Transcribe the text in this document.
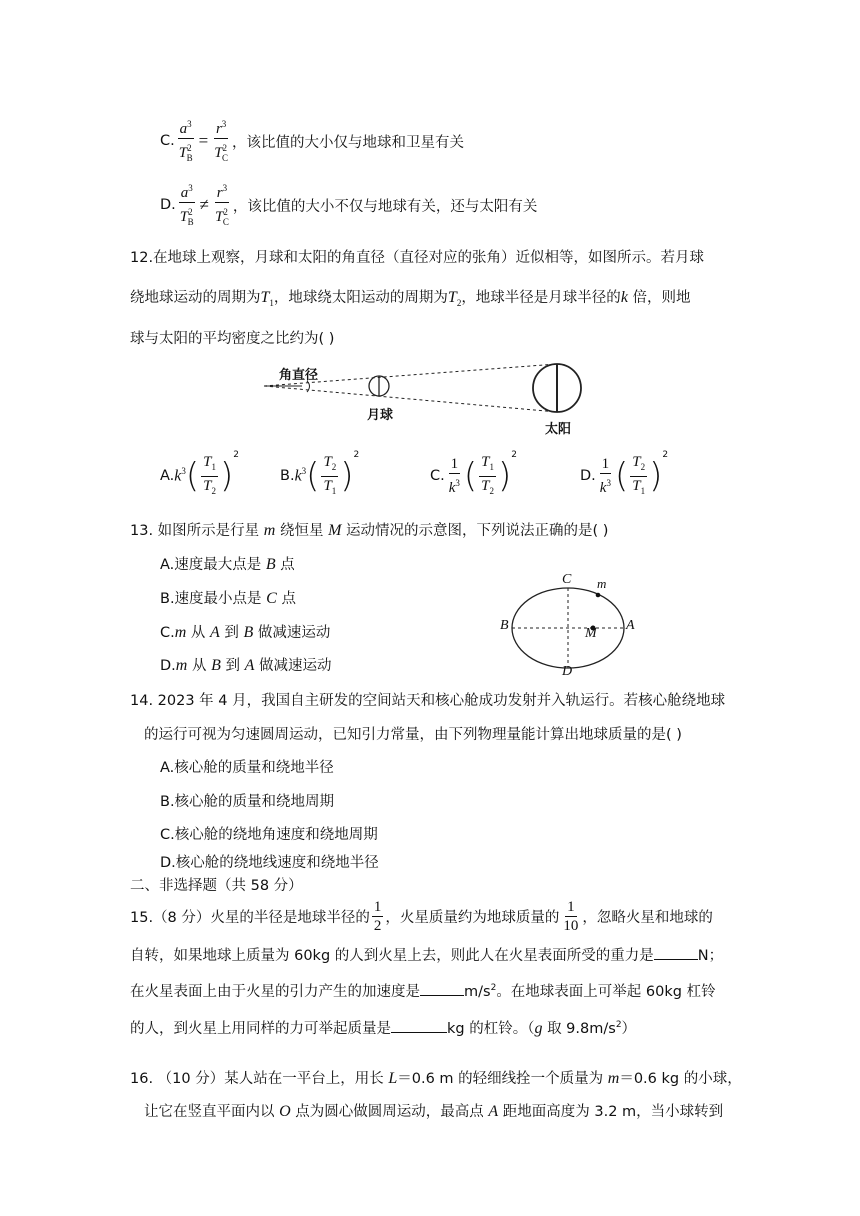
C. $\frac{a^3}{T^2_B} = \frac{r^3}{T^2_C}$ ，该比值的大小仅与地球和卫星有关
D. $\frac{a^3}{T^2_B} \ne \frac{r^3}{T^2_C}$ ，该比值的大小不仅与地球有关，还与太阳有关
12.在地球上观察，月球和太阳的角直径（直径对应的张角）近似相等，如图所示。若月球
绕地球运动的周期为$T_1$，地球绕太阳运动的周期为$T_2$，地球半径是月球半径的k 倍，则地
球与太阳的平均密度之比约为( )
角直径
月球
太阳
A. $k^3$ ( $\frac{T_1}{T_2}$ )
$^2$
B. $k^3$ ( $\frac{T_2}{T_1}$ )
$^2$
C. $\frac{1}{k^3}$ ( $\frac{T_1}{T_2}$ )
$^2$
D. $\frac{1}{k^3}$ ( $\frac{T_2}{T_1}$ )
$^2$
13. 如图所示是行星 m 绕恒星 M 运动情况的示意图，下列说法正确的是( )
A.速度最大点是 B 点
B.速度最小点是 C 点
C.m 从 A 到 B 做减速运动
D.m 从 B 到 A 做减速运动
C m
B
M
A
D
14. 2023 年 4 月，我国自主研发的空间站天和核心舱成功发射并入轨运行。若核心舱绕地球
的运行可视为匀速圆周运动，已知引力常量，由下列物理量能计算出地球质量的是( )
A.核心舱的质量和绕地半径
B.核心舱的质量和绕地周期
C.核心舱的绕地角速度和绕地周期
D.核心舱的绕地线速度和绕地半径
二、非选择题（共 58 分）
15.（8 分）火星的半径是地球半径的 $\frac{1}{2}$ ，火星质量约为地球质量的 $\frac{1}{10}$ ，忽略火星和地球的
自转，如果地球上质量为 60kg 的人到火星上去，则此人在火星表面所受的重力是	N；
在火星表面上由于火星的引力产生的加速度是	$m/s^2$。在地球表面上可举起 60kg 杠铃
的人，到火星上用同样的力可举起质量是	kg 的杠铃。（g 取 $9.8m/s^2$）
16. （10 分）某人站在一平台上，用长 L＝0.6 m 的轻细线拴一个质量为 m＝0.6 kg 的小球，
让它在竖直平面内以 O 点为圆心做圆周运动，最高点 A 距地面高度为 3.2 m，当小球转到
